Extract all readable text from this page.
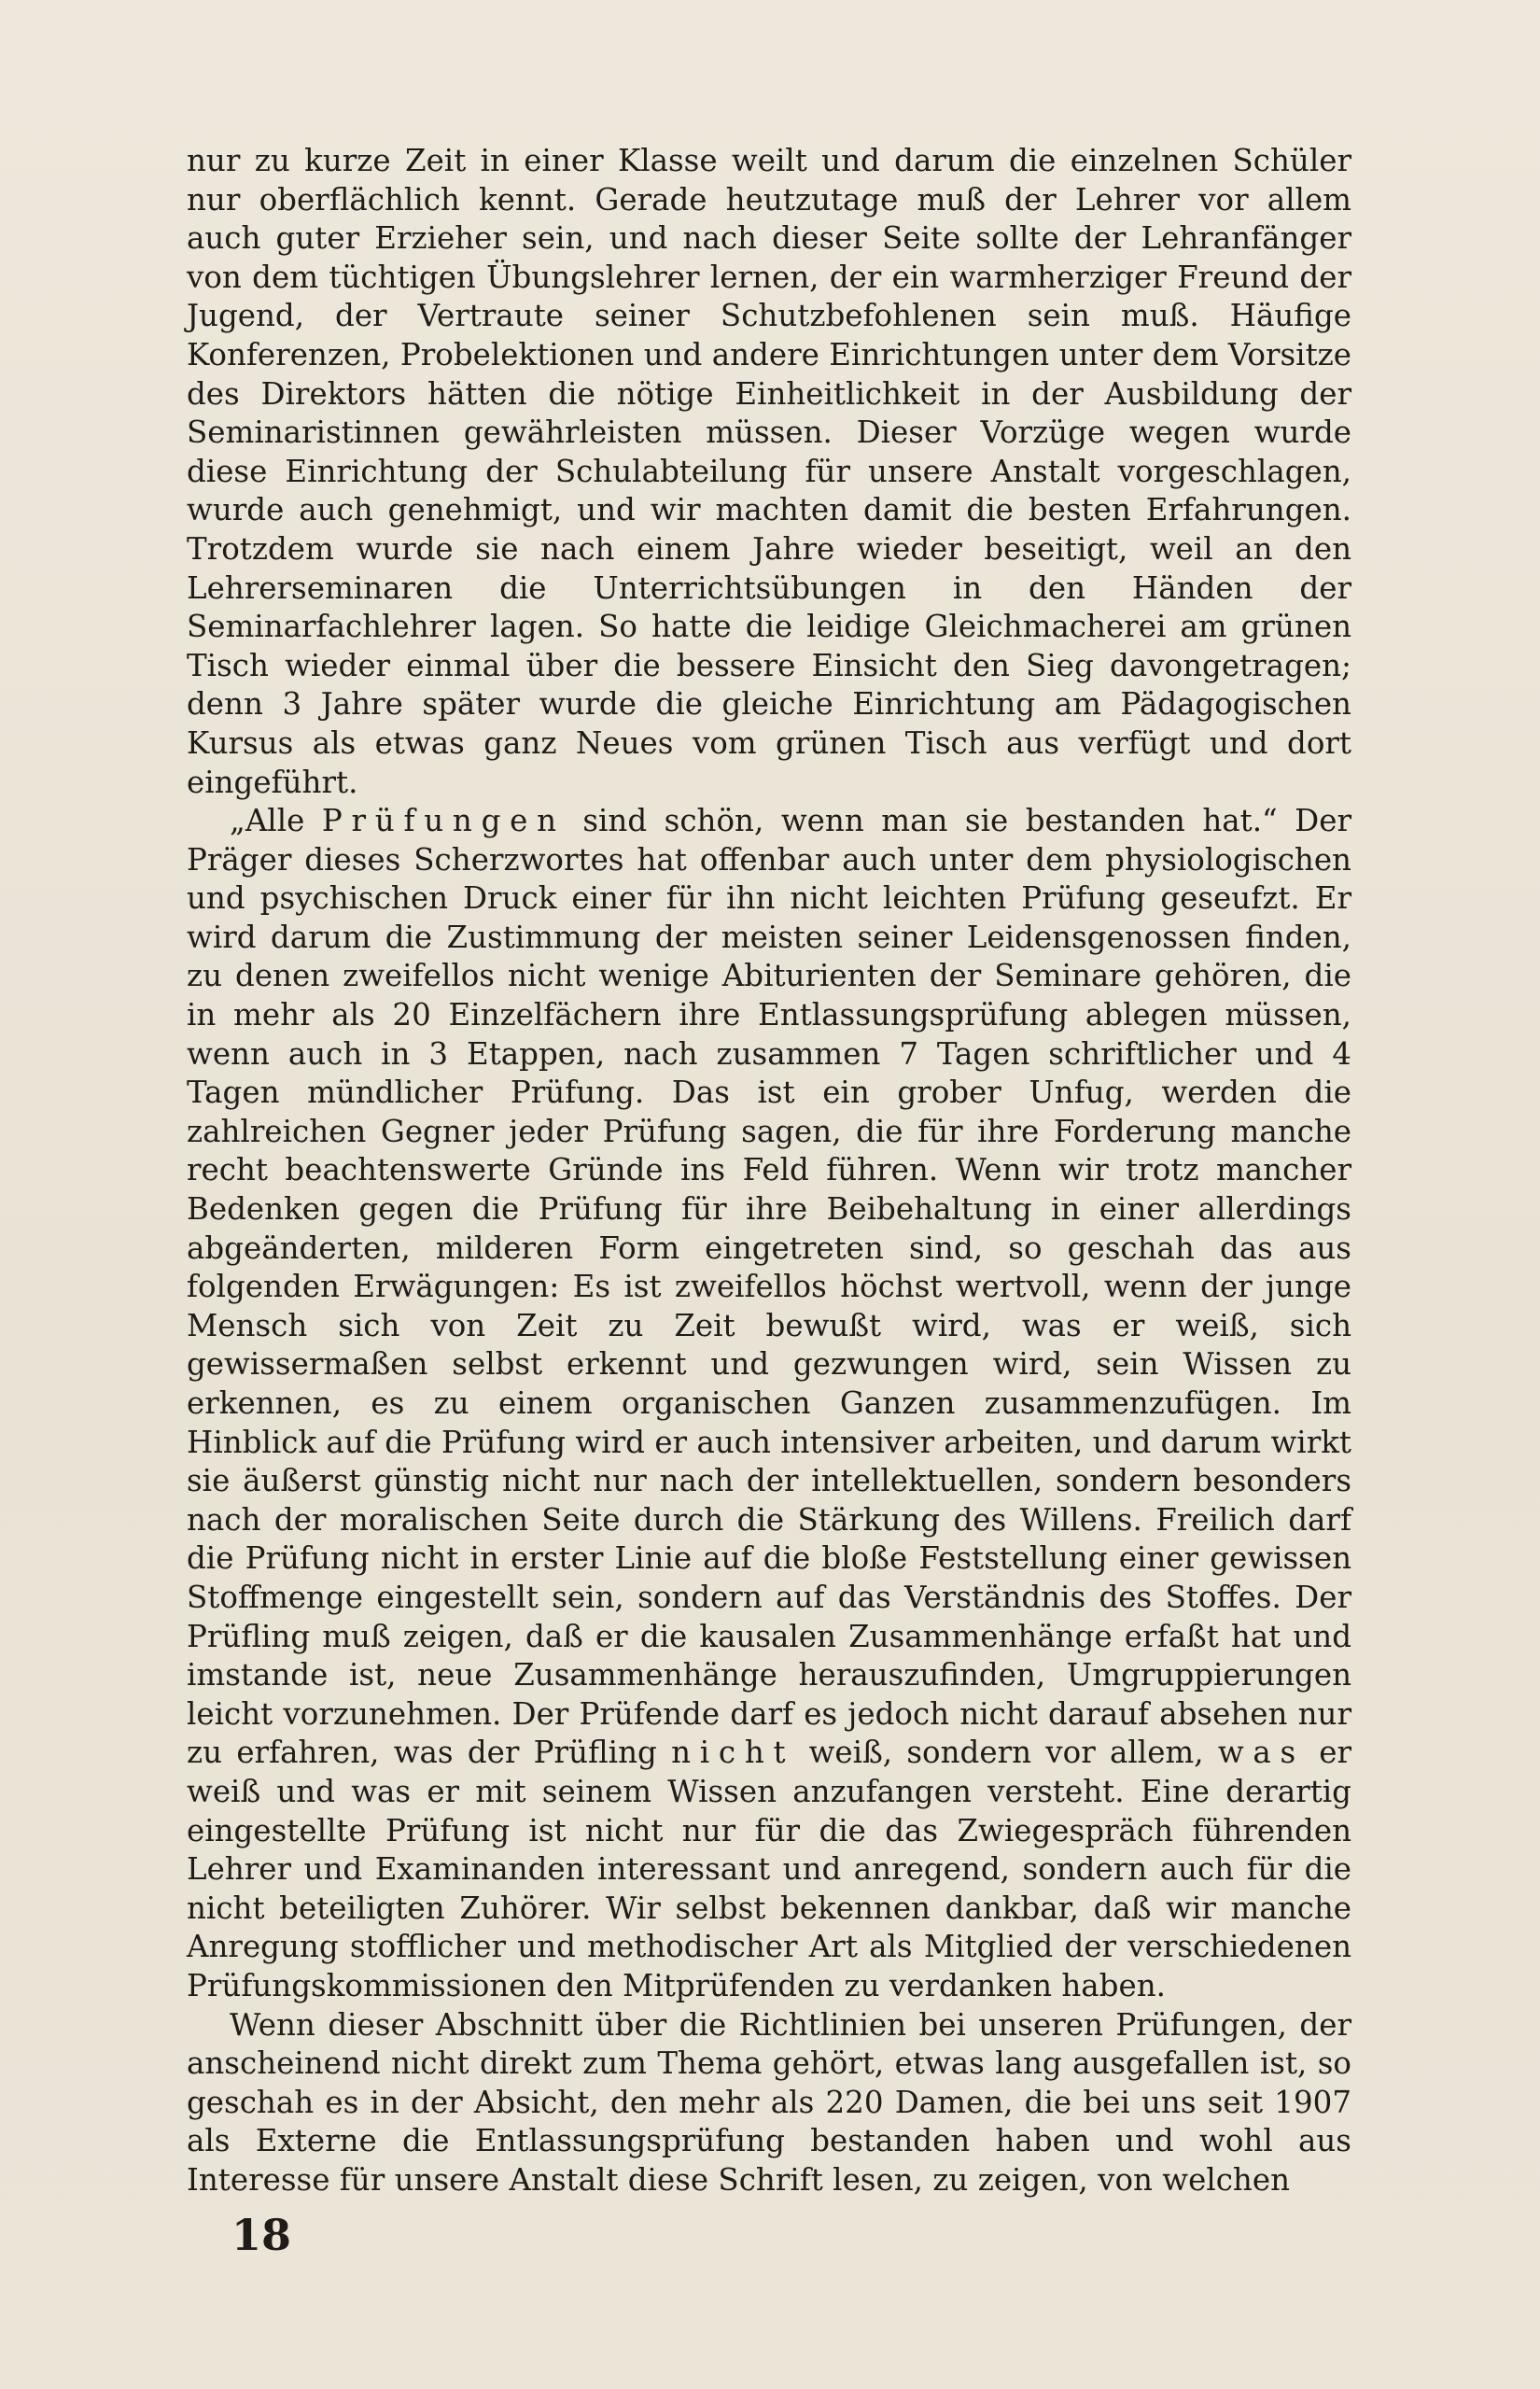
nur zu kurze Zeit in einer Klasse weilt und darum die einzelnen Schüler nur oberflächlich kennt. Gerade heutzutage muß der Lehrer vor allem auch guter Erzieher sein, und nach dieser Seite sollte der Lehranfänger von dem tüchtigen Übungslehrer lernen, der ein warmherziger Freund der Jugend, der Vertraute seiner Schutzbefohlenen sein muß. Häufige Konferenzen, Probelektionen und andere Einrichtungen unter dem Vorsitze des Direktors hätten die nötige Einheitlichkeit in der Ausbildung der Seminaristinnen gewährleisten müssen. Dieser Vorzüge wegen wurde diese Einrichtung der Schulabteilung für unsere Anstalt vorgeschlagen, wurde auch genehmigt, und wir machten damit die besten Erfahrungen. Trotzdem wurde sie nach einem Jahre wieder beseitigt, weil an den Lehrerseminaren die Unterrichtsübungen in den Händen der Seminarfachlehrer lagen. So hatte die leidige Gleichmacherei am grünen Tisch wieder einmal über die bessere Einsicht den Sieg davongetragen; denn 3 Jahre später wurde die gleiche Einrichtung am Pädagogischen Kursus als etwas ganz Neues vom grünen Tisch aus verfügt und dort eingeführt.

„Alle Prüfungen sind schön, wenn man sie bestanden hat.“ Der Präger dieses Scherzwortes hat offenbar auch unter dem physiologischen und psychischen Druck einer für ihn nicht leichten Prüfung geseufzt. Er wird darum die Zustimmung der meisten seiner Leidensgenossen finden, zu denen zweifellos nicht wenige Abiturienten der Seminare gehören, die in mehr als 20 Einzelfächern ihre Entlassungsprüfung ablegen müssen, wenn auch in 3 Etappen, nach zusammen 7 Tagen schriftlicher und 4 Tagen mündlicher Prüfung. Das ist ein grober Unfug, werden die zahlreichen Gegner jeder Prüfung sagen, die für ihre Forderung manche recht beachtenswerte Gründe ins Feld führen. Wenn wir trotz mancher Bedenken gegen die Prüfung für ihre Beibehaltung in einer allerdings abgeänderten, milderen Form eingetreten sind, so geschah das aus folgenden Erwägungen: Es ist zweifellos höchst wertvoll, wenn der junge Mensch sich von Zeit zu Zeit bewußt wird, was er weiß, sich gewissermaßen selbst erkennt und gezwungen wird, sein Wissen zu erkennen, es zu einem organischen Ganzen zusammenzufügen. Im Hinblick auf die Prüfung wird er auch intensiver arbeiten, und darum wirkt sie äußerst günstig nicht nur nach der intellektuellen, sondern besonders nach der moralischen Seite durch die Stärkung des Willens. Freilich darf die Prüfung nicht in erster Linie auf die bloße Feststellung einer gewissen Stoffmenge eingestellt sein, sondern auf das Verständnis des Stoffes. Der Prüfling muß zeigen, daß er die kausalen Zusammenhänge erfaßt hat und imstande ist, neue Zusammenhänge herauszufinden, Umgruppierungen leicht vorzunehmen. Der Prüfende darf es jedoch nicht darauf absehen nur zu erfahren, was der Prüfling nicht weiß, sondern vor allem, was er weiß und was er mit seinem Wissen anzufangen versteht. Eine derartig eingestellte Prüfung ist nicht nur für die das Zwiegespräch führenden Lehrer und Examinanden interessant und anregend, sondern auch für die nicht beteiligten Zuhörer. Wir selbst bekennen dankbar, daß wir manche Anregung stofflicher und methodischer Art als Mitglied der verschiedenen Prüfungskommissionen den Mitprüfenden zu verdanken haben.

Wenn dieser Abschnitt über die Richtlinien bei unseren Prüfungen, der anscheinend nicht direkt zum Thema gehört, etwas lang ausgefallen ist, so geschah es in der Absicht, den mehr als 220 Damen, die bei uns seit 1907 als Externe die Entlassungsprüfung bestanden haben und wohl aus Interesse für unsere Anstalt diese Schrift lesen, zu zeigen, von welchen

18
